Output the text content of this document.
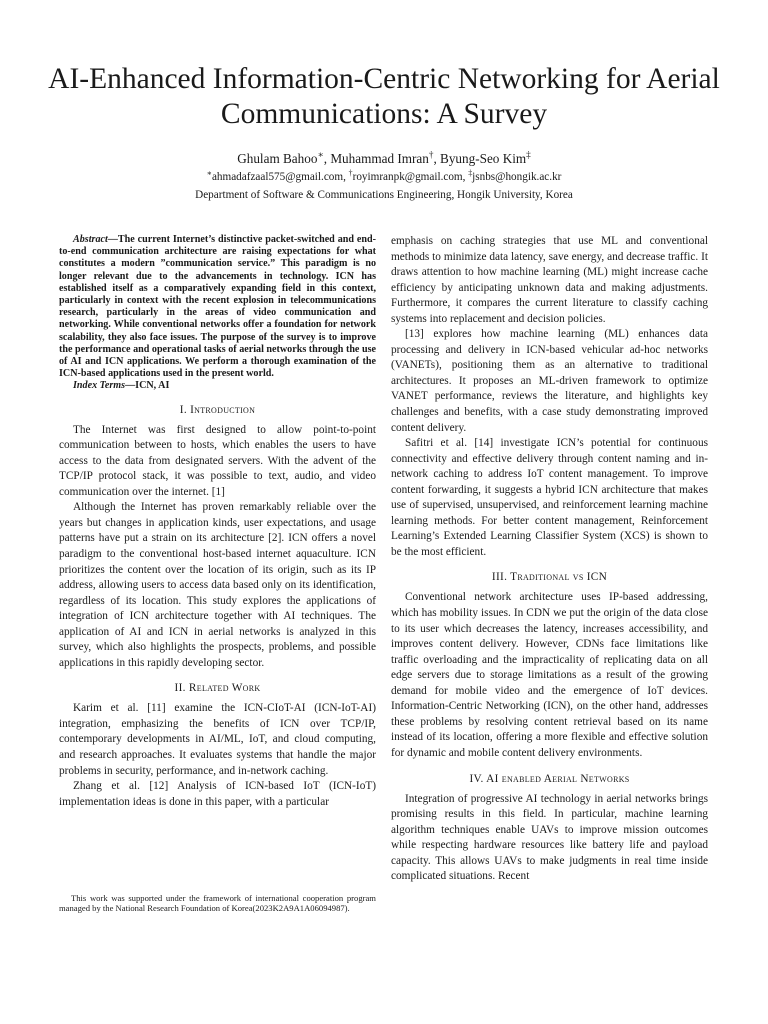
AI-Enhanced Information-Centric Networking for Aerial Communications: A Survey
Ghulam Bahoo∗, Muhammad Imran†, Byung-Seo Kim‡
∗ahmadafzaal575@gmail.com, †royimranpk@gmail.com, ‡jsnbs@hongik.ac.kr
Department of Software & Communications Engineering, Hongik University, Korea

Abstract—The current Internet’s distinctive packet-switched and end-to-end communication architecture are raising expectations for what constitutes a modern ”communication service.” This paradigm is no longer relevant due to the advancements in technology. ICN has established itself as a comparatively expanding field in this context, particularly in context with the recent explosion in telecommunications research, particularly in the areas of video communication and networking. While conventional networks offer a foundation for network scalability, they also face issues. The purpose of the survey is to improve the performance and operational tasks of aerial networks through the use of AI and ICN applications. We perform a thorough examination of the ICN-based applications used in the present world.

Index Terms—ICN, AI

I. Introduction

The Internet was first designed to allow point-to-point communication between to hosts, which enables the users to have access to the data from designated servers. With the advent of the TCP/IP protocol stack, it was possible to text, audio, and video communication over the internet. [1]

Although the Internet has proven remarkably reliable over the years but changes in application kinds, user expectations, and usage patterns have put a strain on its architecture [2]. ICN offers a novel paradigm to the conventional host-based internet aquaculture. ICN prioritizes the content over the location of its origin, such as its IP address, allowing users to access data based only on its identification, regardless of its location. This study explores the applications of integration of ICN architecture together with AI techniques. The application of AI and ICN in aerial networks is analyzed in this survey, which also highlights the prospects, problems, and possible applications in this rapidly developing sector.

II. Related Work

Karim et al. [11] examine the ICN-CIoT-AI (ICN-IoT-AI) integration, emphasizing the benefits of ICN over TCP/IP, contemporary developments in AI/ML, IoT, and cloud computing, and research approaches. It evaluates systems that handle the major problems in security, performance, and in-network caching.

Zhang et al. [12] Analysis of ICN-based IoT (ICN-IoT) implementation ideas is done in this paper, with a particular

This work was supported under the framework of international cooperation program managed by the National Research Foundation of Korea(2023K2A9A1A06094987).

emphasis on caching strategies that use ML and conventional methods to minimize data latency, save energy, and decrease traffic. It draws attention to how machine learning (ML) might increase cache efficiency by anticipating unknown data and making adjustments. Furthermore, it compares the current literature to classify caching systems into replacement and decision policies.

[13] explores how machine learning (ML) enhances data processing and delivery in ICN-based vehicular ad-hoc networks (VANETs), positioning them as an alternative to traditional architectures. It proposes an ML-driven framework to optimize VANET performance, reviews the literature, and highlights key challenges and benefits, with a case study demonstrating improved content delivery.

Safitri et al. [14] investigate ICN’s potential for continuous connectivity and effective delivery through content naming and in-network caching to address IoT content management. To improve content forwarding, it suggests a hybrid ICN architecture that makes use of supervised, unsupervised, and reinforcement learning machine learning methods. For better content management, Reinforcement Learning’s Extended Learning Classifier System (XCS) is shown to be the most efficient.

III. Traditional vs ICN

Conventional network architecture uses IP-based addressing, which has mobility issues. In CDN we put the origin of the data close to its user which decreases the latency, increases accessibility, and improves content delivery. However, CDNs face limitations like traffic overloading and the impracticality of replicating data on all edge servers due to storage limitations as a result of the growing demand for mobile video and the emergence of IoT devices. Information-Centric Networking (ICN), on the other hand, addresses these problems by resolving content retrieval based on its name instead of its location, offering a more flexible and effective solution for dynamic and mobile content delivery environments.

IV. AI enabled Aerial Networks

Integration of progressive AI technology in aerial networks brings promising results in this field. In particular, machine learning algorithm techniques enable UAVs to improve mission outcomes while respecting hardware resources like battery life and payload capacity. This allows UAVs to make judgments in real time inside complicated situations. Recent
